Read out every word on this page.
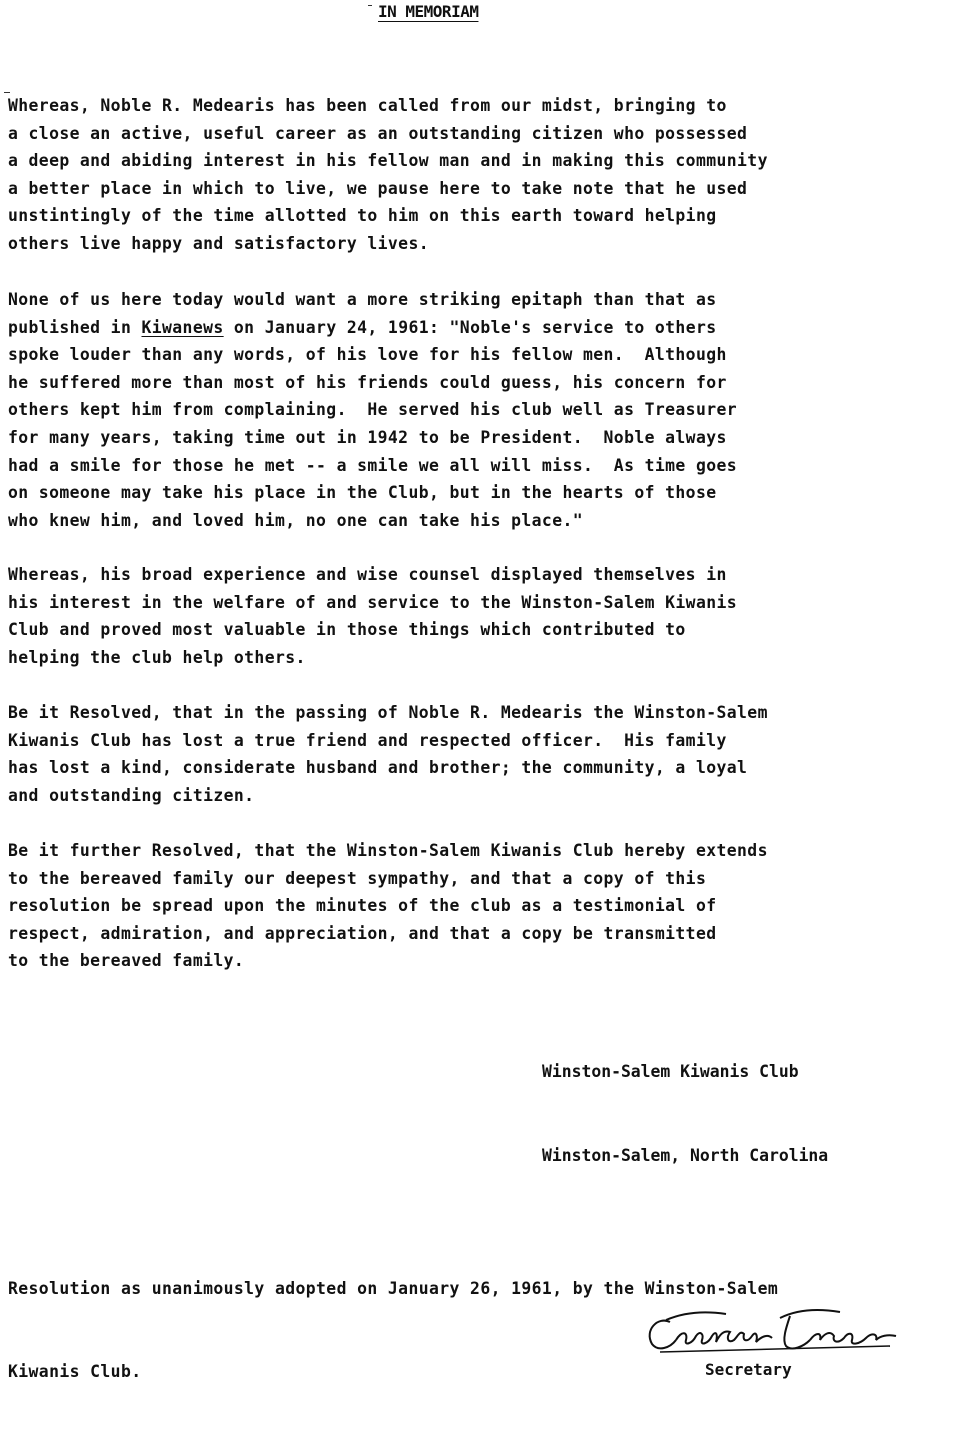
IN MEMORIAM
Whereas, Noble R. Medearis has been called from our midst, bringing to
a close an active, useful career as an outstanding citizen who possessed
a deep and abiding interest in his fellow man and in making this community
a better place in which to live, we pause here to take note that he used
unstintingly of the time allotted to him on this earth toward helping
others live happy and satisfactory lives.
None of us here today would want a more striking epitaph than that as
published in Kiwanews on January 24, 1961: "Noble's service to others
spoke louder than any words, of his love for his fellow men.  Although
he suffered more than most of his friends could guess, his concern for
others kept him from complaining.  He served his club well as Treasurer
for many years, taking time out in 1942 to be President.  Noble always
had a smile for those he met -- a smile we all will miss.  As time goes
on someone may take his place in the Club, but in the hearts of those
who knew him, and loved him, no one can take his place."
Whereas, his broad experience and wise counsel displayed themselves in
his interest in the welfare of and service to the Winston-Salem Kiwanis
Club and proved most valuable in those things which contributed to
helping the club help others.
Be it Resolved, that in the passing of Noble R. Medearis the Winston-Salem
Kiwanis Club has lost a true friend and respected officer.  His family
has lost a kind, considerate husband and brother; the community, a loyal
and outstanding citizen.
Be it further Resolved, that the Winston-Salem Kiwanis Club hereby extends
to the bereaved family our deepest sympathy, and that a copy of this
resolution be spread upon the minutes of the club as a testimonial of
respect, admiration, and appreciation, and that a copy be transmitted
to the bereaved family.

Winston-Salem Kiwanis Club

Winston-Salem, North Carolina

Resolution as unanimously adopted on January 26, 1961, by the Winston-Salem

Kiwanis Club.

	Secretary
